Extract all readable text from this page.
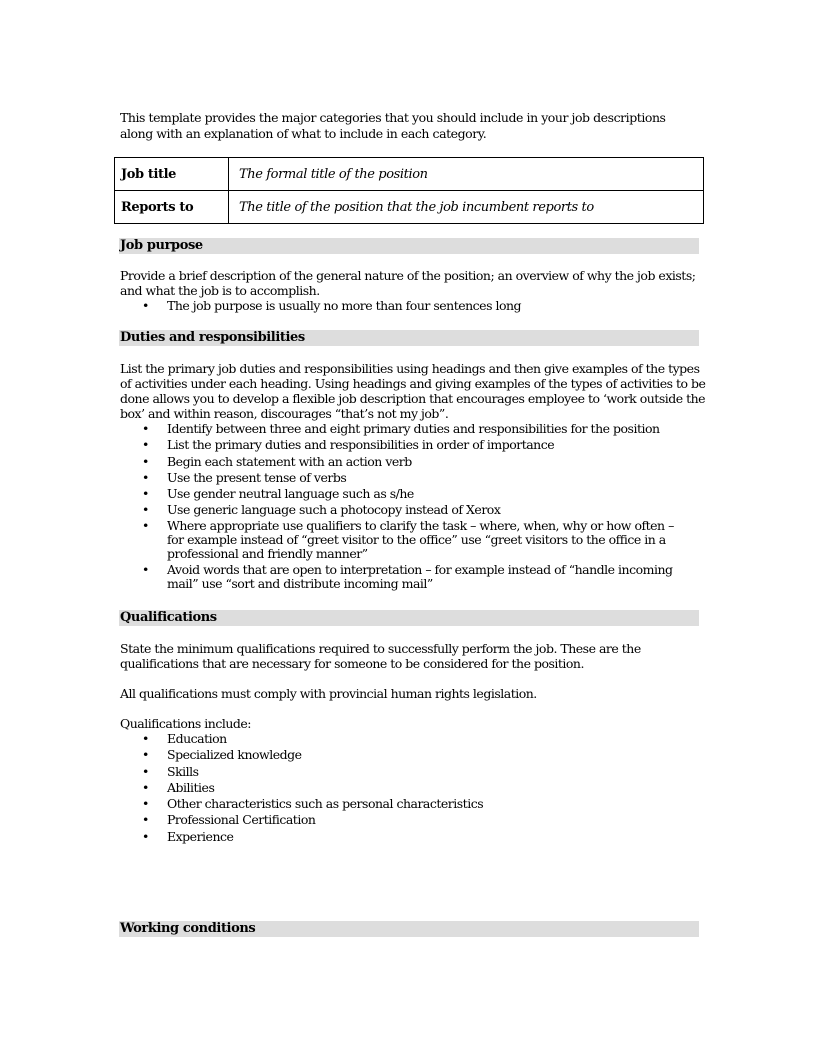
This template provides the major categories that you should include in your job descriptions along with an explanation of what to include in each category.

Job title	The formal title of the position
Reports to	The title of the position that the job incumbent reports to
Job purpose

Provide a brief description of the general nature of the position; an overview of why the job exists; and what the job is to accomplish.

• The job purpose is usually no more than four sentences long
Duties and responsibilities

List the primary job duties and responsibilities using headings and then give examples of the types of activities under each heading. Using headings and giving examples of the types of activities to be done allows you to develop a flexible job description that encourages employee to ‘work outside the box’ and within reason, discourages “that’s not my job”.

• Identify between three and eight primary duties and responsibilities for the position
• List the primary duties and responsibilities in order of importance
• Begin each statement with an action verb
• Use the present tense of verbs
• Use gender neutral language such as s/he
• Use generic language such a photocopy instead of Xerox
• Where appropriate use qualifiers to clarify the task – where, when, why or how often – for example instead of “greet visitor to the office” use “greet visitors to the office in a professional and friendly manner”
• Avoid words that are open to interpretation – for example instead of “handle incoming mail” use “sort and distribute incoming mail”
Qualifications

State the minimum qualifications required to successfully perform the job. These are the qualifications that are necessary for someone to be considered for the position.

All qualifications must comply with provincial human rights legislation.

Qualifications include:

• Education
• Specialized knowledge
• Skills
• Abilities
• Other characteristics such as personal characteristics
• Professional Certification
• Experience
Working conditions
